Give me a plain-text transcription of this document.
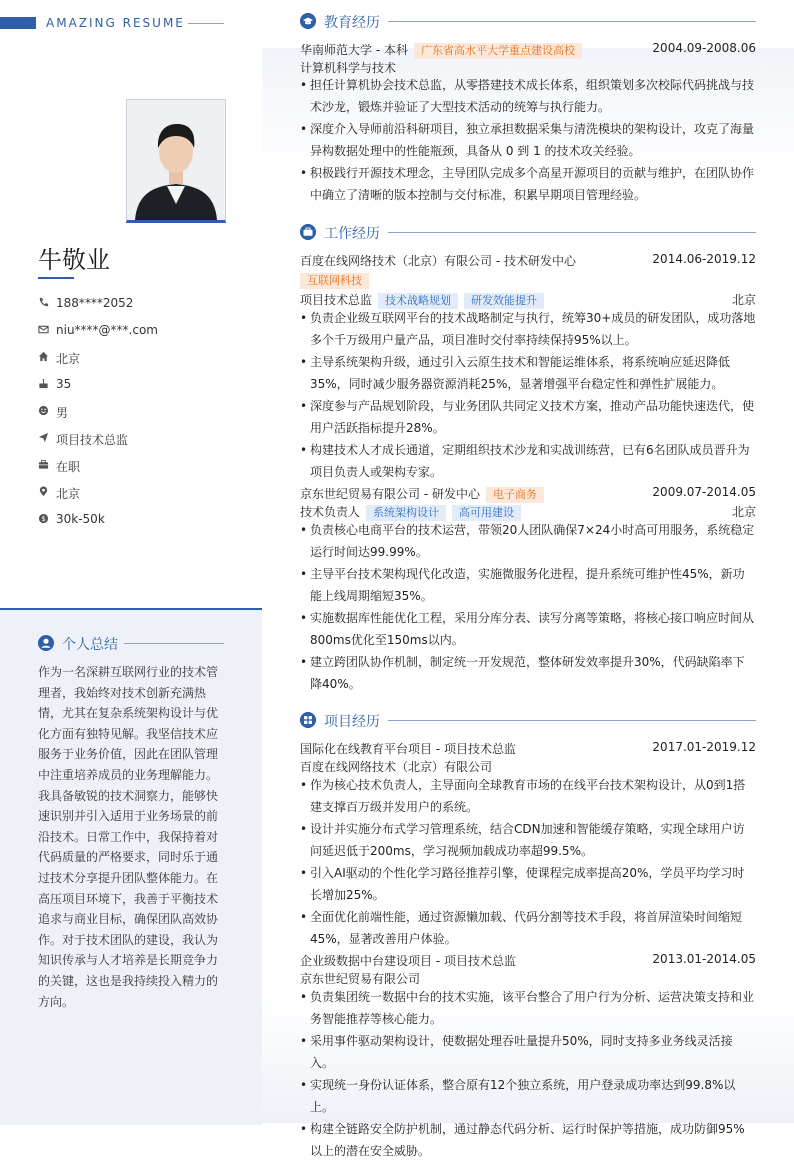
AMAZING RESUME
牛敬业
188****2052
niu****@***.com
北京
35
男
项目技术总监
在职
北京
$ 30k-50k
个人总结
作为一名深耕互联网行业的技术管理者，我始终对技术创新充满热情，尤其在复杂系统架构设计与优化方面有独特见解。我坚信技术应服务于业务价值，因此在团队管理中注重培养成员的业务理解能力。我具备敏锐的技术洞察力，能够快速识别并引入适用于业务场景的前沿技术。日常工作中，我保持着对代码质量的严格要求，同时乐于通过技术分享提升团队整体能力。在高压项目环境下，我善于平衡技术追求与商业目标，确保团队高效协作。对于技术团队的建设，我认为知识传承与人才培养是长期竞争力的关键，这也是我持续投入精力的方向。
教育经历
华南师范大学 - 本科 广东省高水平大学重点建设高校	2004.09-2008.06
计算机科学与技术
• 担任计算机协会技术总监，从零搭建技术成长体系，组织策划多次校际代码挑战与技术沙龙，锻炼并验证了大型技术活动的统筹与执行能力。
• 深度介入导师前沿科研项目，独立承担数据采集与清洗模块的架构设计，攻克了海量异构数据处理中的性能瓶颈，具备从 0 到 1 的技术攻关经验。
• 积极践行开源技术理念，主导团队完成多个高星开源项目的贡献与维护，在团队协作中确立了清晰的版本控制与交付标准，积累早期项目管理经验。
工作经历
百度在线网络技术（北京）有限公司 - 技术研发中心	2014.06-2019.12
互联网科技
项目技术总监 技术战略规划 研发效能提升	北京
• 负责企业级互联网平台的技术战略制定与执行，统筹30+成员的研发团队，成功落地多个千万级用户量产品，项目准时交付率持续保持95%以上。
• 主导系统架构升级，通过引入云原生技术和智能运维体系，将系统响应延迟降低35%，同时减少服务器资源消耗25%，显著增强平台稳定性和弹性扩展能力。
• 深度参与产品规划阶段，与业务团队共同定义技术方案，推动产品功能快速迭代，使用户活跃指标提升28%。
• 构建技术人才成长通道，定期组织技术沙龙和实战训练营，已有6名团队成员晋升为项目负责人或架构专家。
京东世纪贸易有限公司 - 研发中心 电子商务	2009.07-2014.05
技术负责人 系统架构设计 高可用建设	北京
• 负责核心电商平台的技术运营，带领20人团队确保7×24小时高可用服务，系统稳定运行时间达99.99%。
• 主导平台技术架构现代化改造，实施微服务化进程，提升系统可维护性45%，新功能上线周期缩短35%。
• 实施数据库性能优化工程，采用分库分表、读写分离等策略，将核心接口响应时间从800ms优化至150ms以内。
• 建立跨团队协作机制，制定统一开发规范，整体研发效率提升30%，代码缺陷率下降40%。
项目经历
国际化在线教育平台项目 - 项目技术总监	2017.01-2019.12
百度在线网络技术（北京）有限公司
• 作为核心技术负责人，主导面向全球教育市场的在线平台技术架构设计，从0到1搭建支撑百万级并发用户的系统。
• 设计并实施分布式学习管理系统，结合CDN加速和智能缓存策略，实现全球用户访问延迟低于200ms，学习视频加载成功率超99.5%。
• 引入AI驱动的个性化学习路径推荐引擎，使课程完成率提高20%，学员平均学习时长增加25%。
• 全面优化前端性能，通过资源懒加载、代码分割等技术手段，将首屏渲染时间缩短45%，显著改善用户体验。
企业级数据中台建设项目 - 项目技术总监	2013.01-2014.05
京东世纪贸易有限公司
• 负责集团统一数据中台的技术实施，该平台整合了用户行为分析、运营决策支持和业务智能推荐等核心能力。
• 采用事件驱动架构设计，使数据处理吞吐量提升50%，同时支持多业务线灵活接入。
• 实现统一身份认证体系，整合原有12个独立系统，用户登录成功率达到99.8%以上。
• 构建全链路安全防护机制，通过静态代码分析、运行时保护等措施，成功防御95%以上的潜在安全威胁。
